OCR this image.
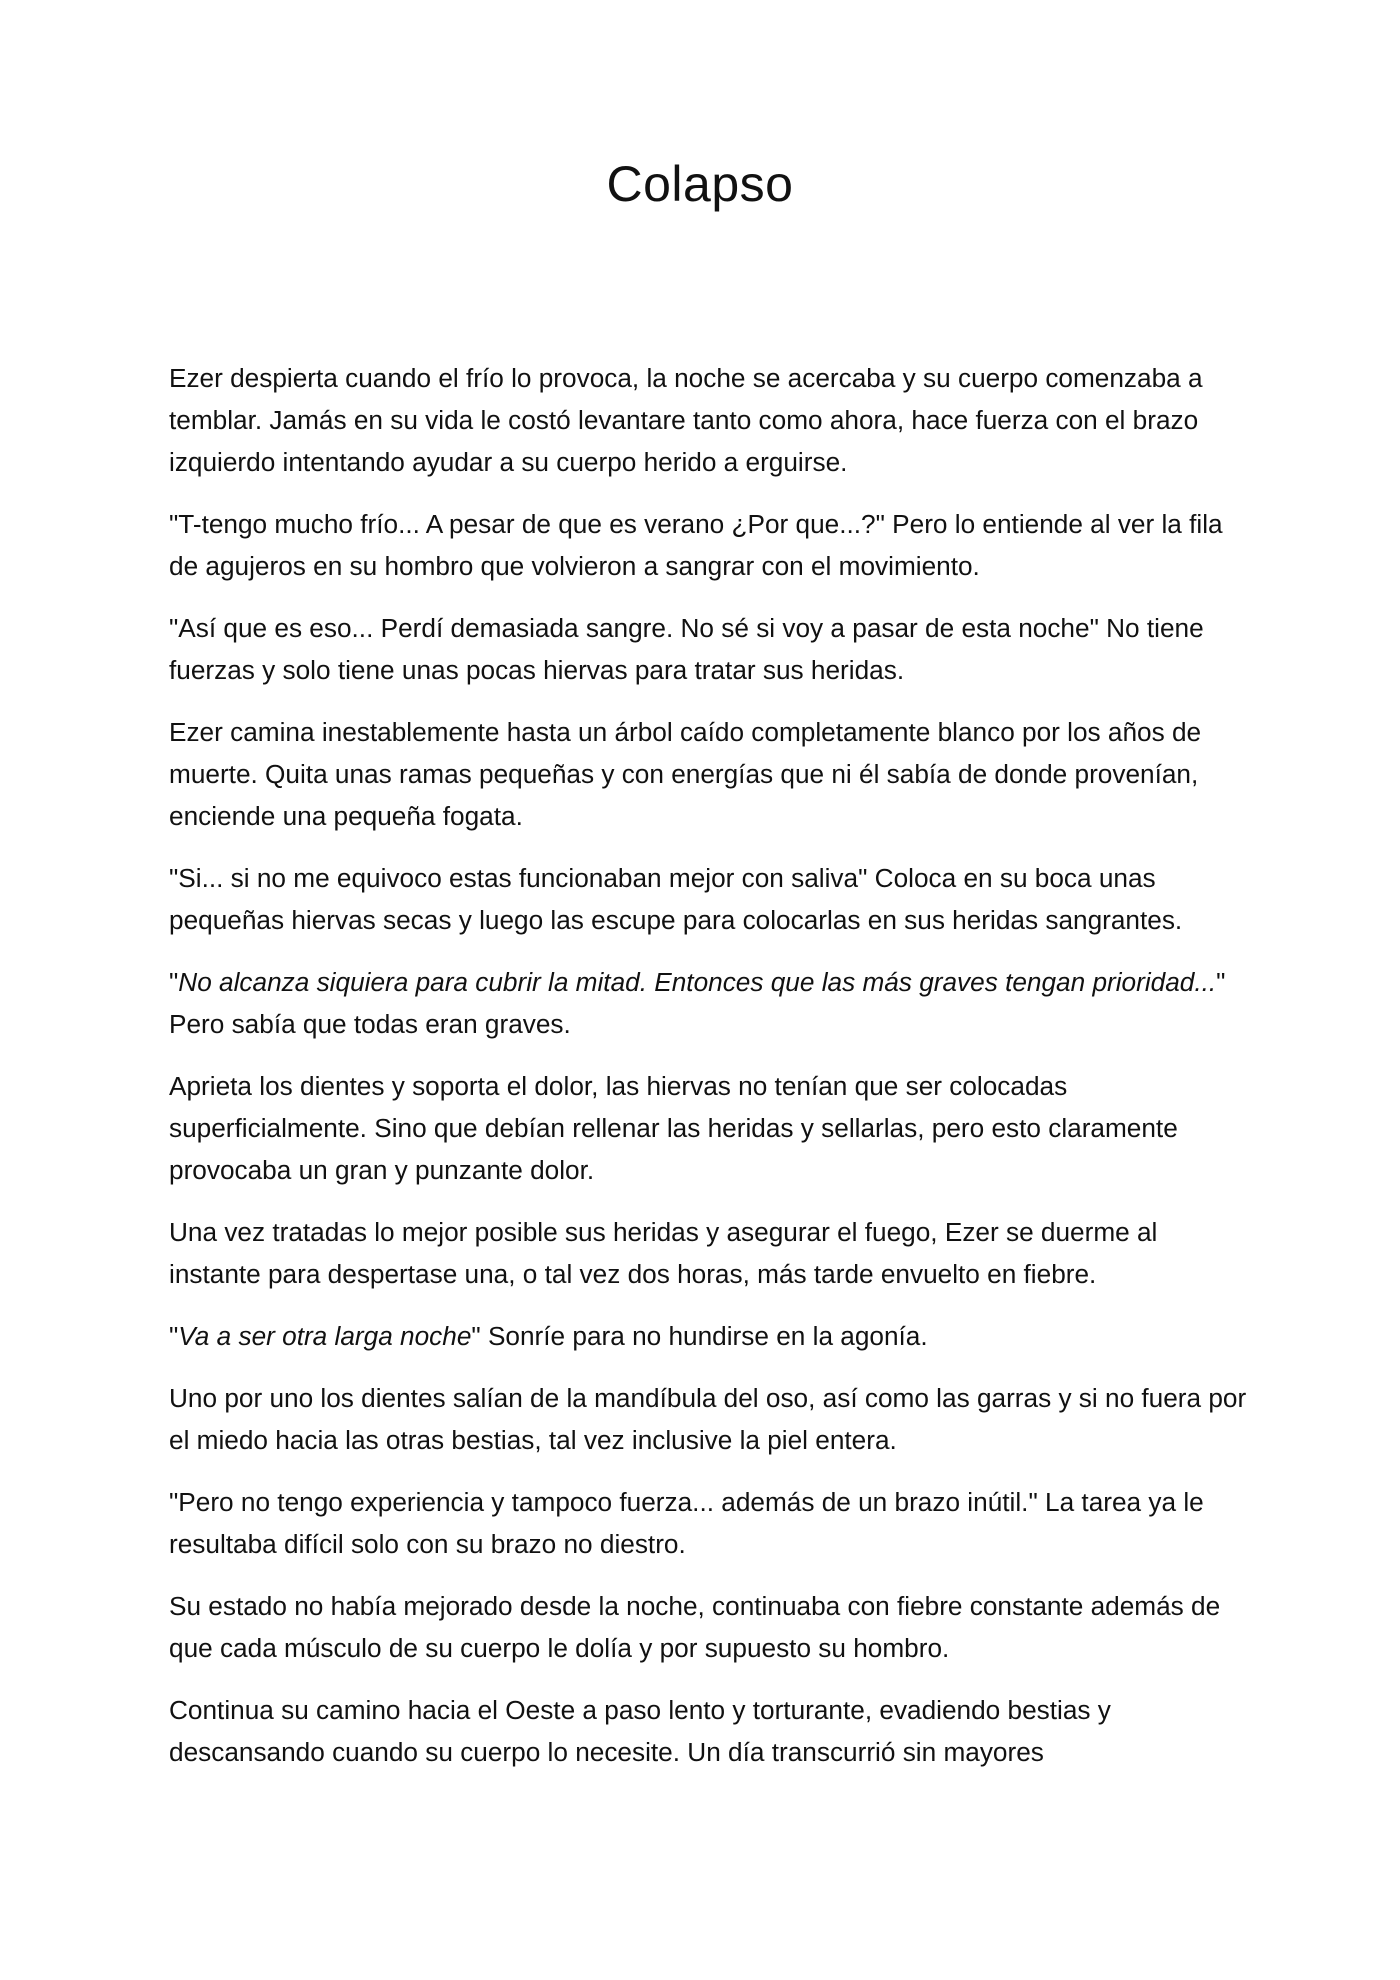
Colapso

Ezer despierta cuando el frío lo provoca, la noche se acercaba y su cuerpo comenzaba a temblar. Jamás en su vida le costó levantare tanto como ahora, hace fuerza con el brazo izquierdo intentando ayudar a su cuerpo herido a erguirse.

"T-tengo mucho frío... A pesar de que es verano ¿Por que...?" Pero lo entiende al ver la fila de agujeros en su hombro que volvieron a sangrar con el movimiento.

"Así que es eso... Perdí demasiada sangre. No sé si voy a pasar de esta noche" No tiene fuerzas y solo tiene unas pocas hiervas para tratar sus heridas.

Ezer camina inestablemente hasta un árbol caído completamente blanco por los años de muerte. Quita unas ramas pequeñas y con energías que ni él sabía de donde provenían, enciende una pequeña fogata.

"Si... si no me equivoco estas funcionaban mejor con saliva" Coloca en su boca unas pequeñas hiervas secas y luego las escupe para colocarlas en sus heridas sangrantes.

"No alcanza siquiera para cubrir la mitad. Entonces que las más graves tengan prioridad..." Pero sabía que todas eran graves.

Aprieta los dientes y soporta el dolor, las hiervas no tenían que ser colocadas superficialmente. Sino que debían rellenar las heridas y sellarlas, pero esto claramente provocaba un gran y punzante dolor.

Una vez tratadas lo mejor posible sus heridas y asegurar el fuego, Ezer se duerme al instante para despertase una, o tal vez dos horas, más tarde envuelto en fiebre.

"Va a ser otra larga noche" Sonríe para no hundirse en la agonía.

Uno por uno los dientes salían de la mandíbula del oso, así como las garras y si no fuera por el miedo hacia las otras bestias, tal vez inclusive la piel entera.

"Pero no tengo experiencia y tampoco fuerza... además de un brazo inútil." La tarea ya le resultaba difícil solo con su brazo no diestro.

Su estado no había mejorado desde la noche, continuaba con fiebre constante además de que cada músculo de su cuerpo le dolía y por supuesto su hombro.

Continua su camino hacia el Oeste a paso lento y torturante, evadiendo bestias y descansando cuando su cuerpo lo necesite. Un día transcurrió sin mayores
